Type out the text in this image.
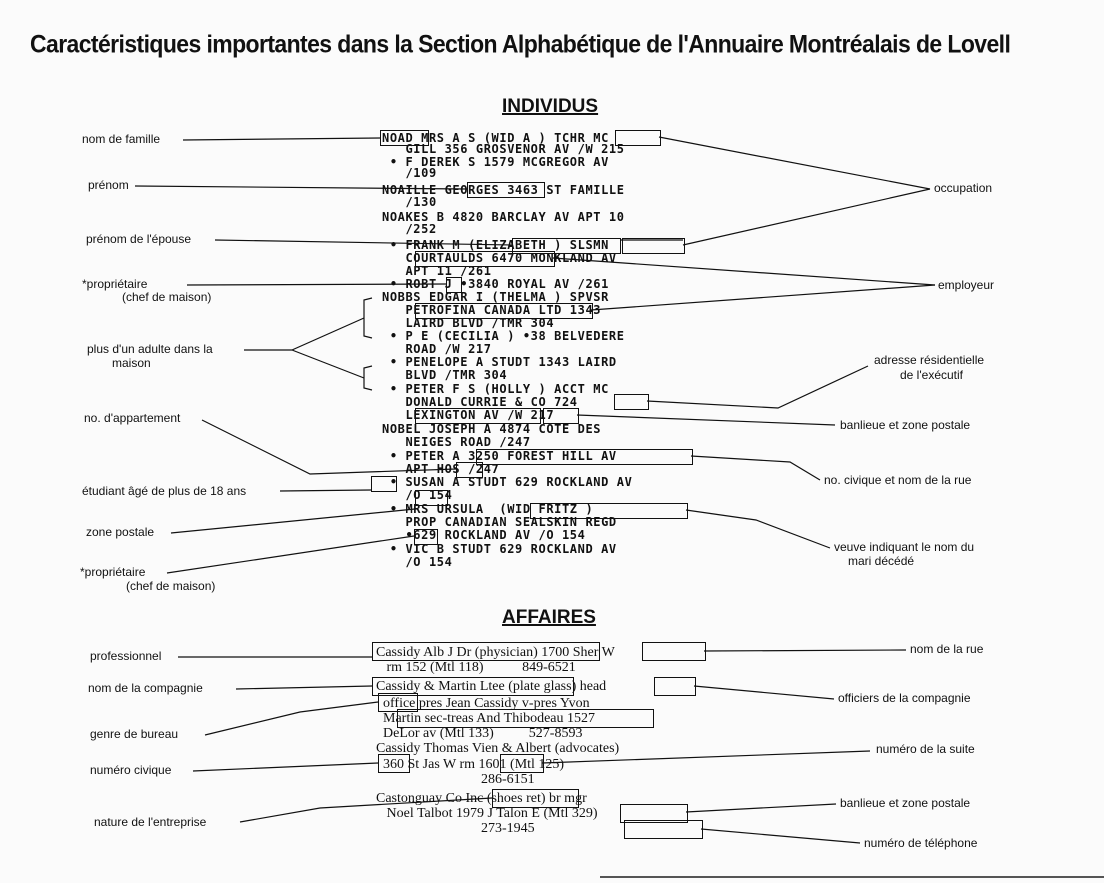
Caractéristiques importantes dans la Section Alphabétique de l'Annuaire Montréalais de Lovell
INDIVIDUS
NOAD MRS A S (WID A ) TCHR MC
GILL 356 GROSVENOR AV /W 215
• F DEREK S 1579 MCGREGOR AV
/109
NOAILLE GEORGES 3463 ST FAMILLE
/130
NOAKES B 4820 BARCLAY AV APT 10
/252
• FRANK M (ELIZABETH ) SLSMN
COURTAULDS 6470 MONKLAND AV
APT 11 /261
• ROBT J •3840 ROYAL AV /261
NOBBS EDGAR I (THELMA ) SPVSR
PETROFINA CANADA LTD 1343
LAIRD BLVD /TMR 304
• P E (CECILIA ) •38 BELVEDERE
ROAD /W 217
• PENELOPE A STUDT 1343 LAIRD
BLVD /TMR 304
• PETER F S (HOLLY ) ACCT MC
DONALD CURRIE & CO 724
LEXINGTON AV /W 217
NOBEL JOSEPH A 4874 COTE DES
NEIGES ROAD /247
• PETER A 3250 FOREST HILL AV
APT HOS /247
• SUSAN A STUDT 629 ROCKLAND AV
/O 154
• MRS URSULA  (WID FRITZ )
PROP CANADIAN SEALSKIN REGD
•629 ROCKLAND AV /O 154
• VIC B STUDT 629 ROCKLAND AV
/O 154
nom de famille
prénom
prénom de l'épouse
*propriétaire
(chef de maison)
plus d'un adulte dans la
maison
no. d'appartement
étudiant âgé de plus de 18 ans
zone postale
*propriétaire
(chef de maison)
occupation
employeur
adresse résidentielle
de l'exécutif
banlieue et zone postale
no. civique et nom de la rue
veuve indiquant le nom du
mari décédé
AFFAIRES
Cassidy Alb J Dr (physician) 1700 Sher W
rm 152 (Mtl 118)           849-6521
Cassidy & Martin Ltee (plate glass) head
office pres Jean Cassidy v-pres Yvon
Martin sec-treas And Thibodeau 1527
DeLor av (Mtl 133)          527-8593
Cassidy Thomas Vien & Albert (advocates)
360 St Jas W rm 1601 (Mtl 125)
286-6151
Castonguay Co Inc (shoes ret) br mgr
Noel Talbot 1979 J Talon E (Mtl 329)
273-1945
professionnel
nom de la compagnie
genre de bureau
numéro civique
nature de l'entreprise
nom de la rue
officiers de la compagnie
numéro de la suite
banlieue et zone postale
numéro de téléphone
